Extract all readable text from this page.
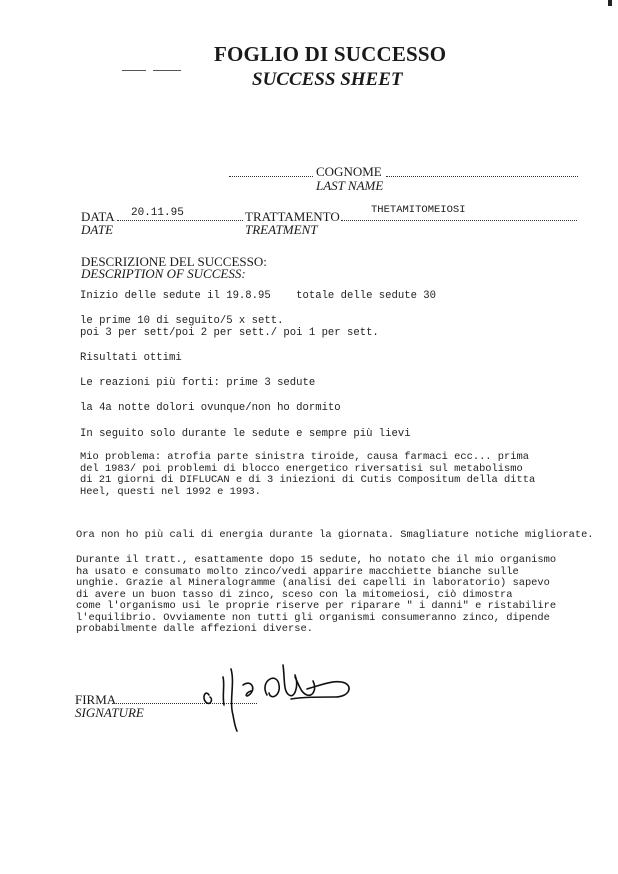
FOGLIO DI SUCCESSO
SUCCESS SHEET
COGNOME
LAST NAME
DATA
DATE
20.11.95	TRATTAMENTO
TREATMENT
THETAMITOMEIOSI
DESCRIZIONE DEL SUCCESSO:
DESCRIPTION OF SUCCESS:
Inizio delle sedute il 19.8.95    totale delle sedute 30
le prime 10 di seguito/5 x sett.
poi 3 per sett/poi 2 per sett./ poi 1 per sett.
Risultati ottimi
Le reazioni più forti: prime 3 sedute
la 4a notte dolori ovunque/non ho dormito
In seguito solo durante le sedute e sempre più lievi
Mio problema: atrofia parte sinistra tiroide, causa farmaci ecc... prima
del 1983/ poi problemi di blocco energetico riversatisi sul metabolismo
di 21 giorni di DIFLUCAN e di 3 iniezioni di Cutis Compositum della ditta
Heel, questi nel 1992 e 1993.
Ora non ho più cali di energia durante la giornata. Smagliature notiche migliorate.
Durante il tratt., esattamente dopo 15 sedute, ho notato che il mio organismo
ha usato e consumato molto zinco/vedi apparire macchiette bianche sulle
unghie. Grazie al Mineralogramme (analisi dei capelli in laboratorio) sapevo
di avere un buon tasso di zinco, sceso con la mitomeiosi, ciò dimostra
come l'organismo usi le proprie riserve per riparare " i danni" e ristabilire
l'equilibrio. Ovviamente non tutti gli organismi consumeranno zinco, dipende
probabilmente dalle affezioni diverse.
FIRMA
SIGNATURE
